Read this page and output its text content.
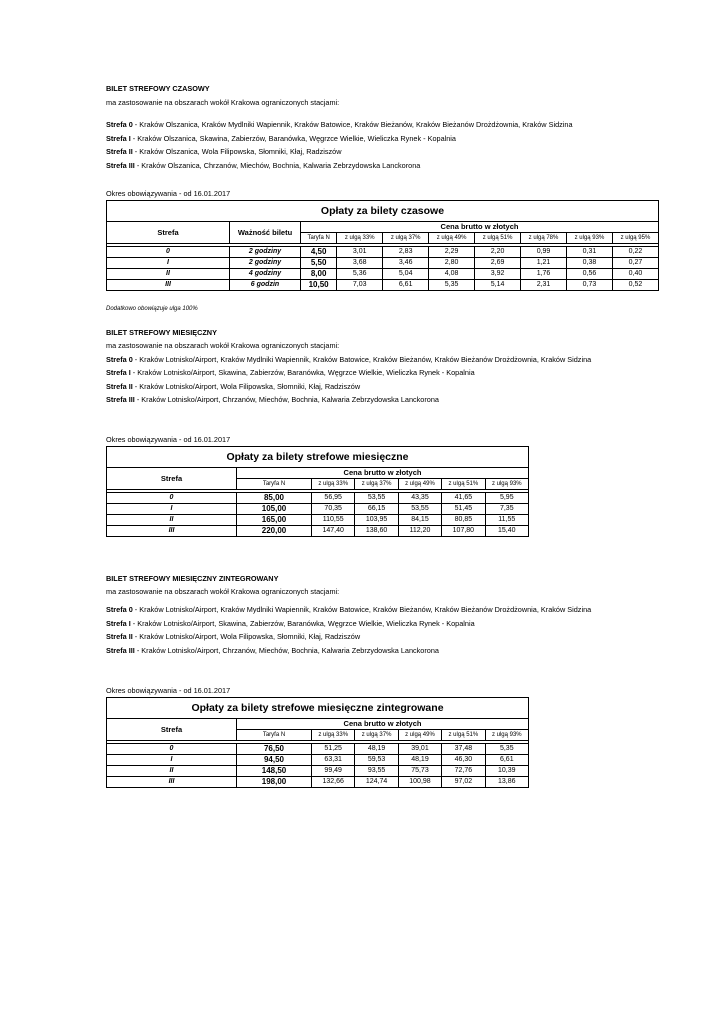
BILET STREFOWY CZASOWY

ma zastosowanie na obszarach wokół Krakowa ograniczonych stacjami:

Strefa 0 - Kraków Olszanica, Kraków Mydlniki Wapiennik, Kraków Batowice, Kraków Bieżanów, Kraków Bieżanów Drożdżownia, Kraków Sidzina

Strefa I - Kraków Olszanica, Skawina, Zabierzów, Baranówka, Węgrzce Wielkie, Wieliczka Rynek - Kopalnia

Strefa II - Kraków Olszanica, Wola Filipowska, Słomniki, Kłaj, Radziszów

Strefa III - Kraków Olszanica, Chrzanów, Miechów, Bochnia, Kalwaria Zebrzydowska Lanckorona

Okres obowiązywania - od 16.01.2017
Opłaty za bilety czasowe									
Strefa	Ważność biletu	Cena brutto w złotych							
		Taryfa N	z ulgą 33%	z ulgą 37%	z ulgą 49%	z ulgą 51%	z ulgą 78%	z ulgą 93%	z ulgą 95%

0	2 godziny	4,50	3,01	2,83	2,29	2,20	0,99	0,31	0,22
I	2 godziny	5,50	3,68	3,46	2,80	2,69	1,21	0,38	0,27
II	4 godziny	8,00	5,36	5,04	4,08	3,92	1,76	0,56	0,40
III	6 godzin	10,50	7,03	6,61	5,35	5,14	2,31	0,73	0,52
Dodatkowo obowiązuje ulga 100%

BILET STREFOWY MIESIĘCZNY

ma zastosowanie na obszarach wokół Krakowa ograniczonych stacjami:

Strefa 0 - Kraków Lotnisko/Airport, Kraków Mydlniki Wapiennik, Kraków Batowice, Kraków Bieżanów, Kraków Bieżanów Drożdżownia, Kraków Sidzina

Strefa I - Kraków Lotnisko/Airport, Skawina, Zabierzów, Baranówka, Węgrzce Wielkie, Wieliczka Rynek - Kopalnia

Strefa II - Kraków Lotnisko/Airport, Wola Filipowska, Słomniki, Kłaj, Radziszów

Strefa III - Kraków Lotnisko/Airport, Chrzanów, Miechów, Bochnia, Kalwaria Zebrzydowska Lanckorona

Okres obowiązywania - od 16.01.2017
Opłaty za bilety strefowe miesięczne						
Strefa	Cena brutto w złotych					
	Taryfa N	z ulgą 33%	z ulgą 37%	z ulgą 49%	z ulgą 51%	z ulgą 93%

0	85,00	56,95	53,55	43,35	41,65	5,95
I	105,00	70,35	66,15	53,55	51,45	7,35
II	165,00	110,55	103,95	84,15	80,85	11,55
III	220,00	147,40	138,60	112,20	107,80	15,40

BILET STREFOWY MIESIĘCZNY ZINTEGROWANY

ma zastosowanie na obszarach wokół Krakowa ograniczonych stacjami:

Strefa 0 - Kraków Lotnisko/Airport, Kraków Mydlniki Wapiennik, Kraków Batowice, Kraków Bieżanów, Kraków Bieżanów Drożdżownia, Kraków Sidzina

Strefa I - Kraków Lotnisko/Airport, Skawina, Zabierzów, Baranówka, Węgrzce Wielkie, Wieliczka Rynek - Kopalnia

Strefa II - Kraków Lotnisko/Airport, Wola Filipowska, Słomniki, Kłaj, Radziszów

Strefa III - Kraków Lotnisko/Airport, Chrzanów, Miechów, Bochnia, Kalwaria Zebrzydowska Lanckorona

Okres obowiązywania - od 16.01.2017
Opłaty za bilety strefowe miesięczne zintegrowane						
Strefa	Cena brutto w złotych					
	Taryfa N	z ulgą 33%	z ulgą 37%	z ulgą 49%	z ulgą 51%	z ulgą 93%

0	76,50	51,25	48,19	39,01	37,48	5,35
I	94,50	63,31	59,53	48,19	46,30	6,61
II	148,50	99,49	93,55	75,73	72,76	10,39
III	198,00	132,66	124,74	100,98	97,02	13,86
